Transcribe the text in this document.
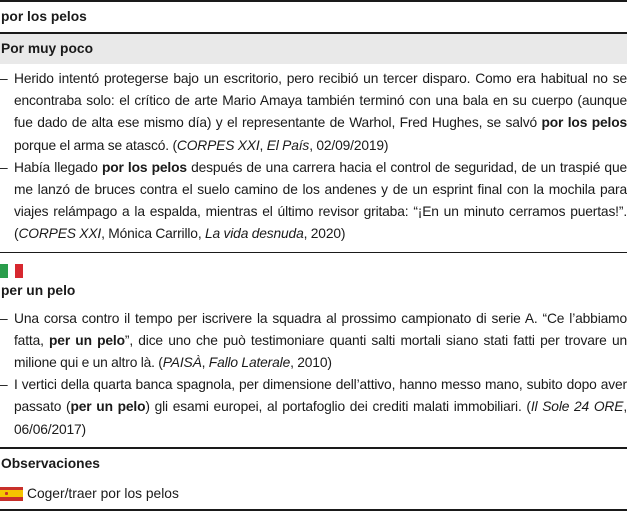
por los pelos
Por muy poco
– Herido intentó protegerse bajo un escritorio, pero recibió un tercer disparo. Como era habitual no se encontraba solo: el crítico de arte Mario Amaya también terminó con una bala en su cuerpo (aunque fue dado de alta ese mismo día) y el representante de Warhol, Fred Hughes, se salvó por los pelos porque el arma se atascó. (CORPES XXI, El País, 02/09/2019)
– Había llegado por los pelos después de una carrera hacia el control de seguridad, de un traspié que me lanzó de bruces contra el suelo camino de los andenes y de un esprint final con la mochila para viajes relámpago a la espalda, mientras el último revisor gritaba: “¡En un minuto cerramos puertas!”. (CORPES XXI, Mónica Carrillo, La vida desnuda, 2020)
per un pelo
– Una corsa contro il tempo per iscrivere la squadra al prossimo campionato di serie A. “Ce l’abbiamo fatta, per un pelo”, dice uno che può testimoniare quanti salti mortali siano stati fatti per trovare un milione qui e un altro là. (PAISÀ, Fallo Laterale, 2010)
– I vertici della quarta banca spagnola, per dimensione dell’attivo, hanno messo mano, subito dopo aver passato (per un pelo) gli esami europei, al portafoglio dei crediti malati immobiliari. (Il Sole 24 ORE, 06/06/2017)
Observaciones
Coger/traer por los pelos
